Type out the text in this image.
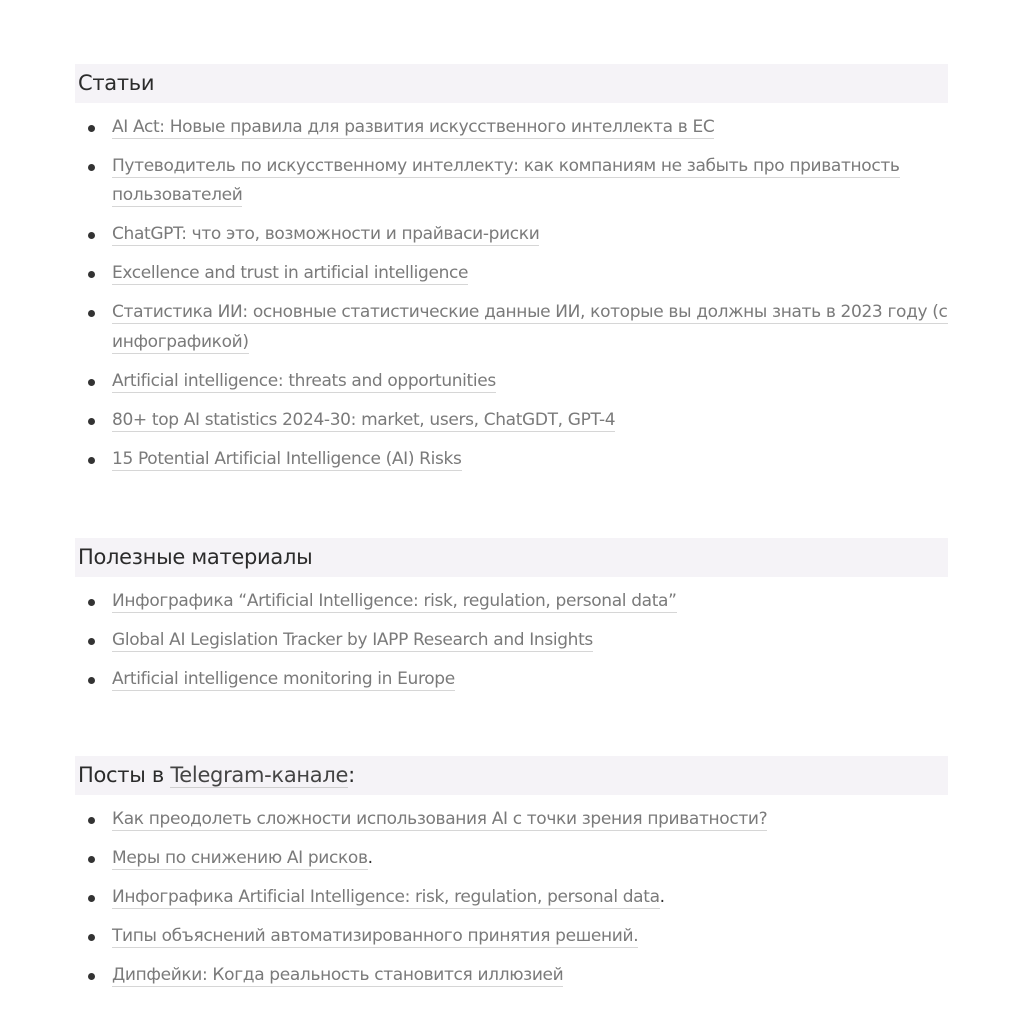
Статьи
AI Act: Новые правила для развития искусственного интеллекта в ЕС
Путеводитель по искусственному интеллекту: как компаниям не забыть про приватность пользователей
ChatGPT: что это, возможности и прайваси-риски
Excellence and trust in artificial intelligence
Статистика ИИ: основные статистические данные ИИ, которые вы должны знать в 2023 году (с инфографикой)
Artificial intelligence: threats and opportunities
80+ top AI statistics 2024-30: market, users, ChatGDT, GPT-4
15 Potential Artificial Intelligence (AI) Risks
Полезные материалы
Инфографика “Artificial Intelligence: risk, regulation, personal data”
Global AI Legislation Tracker by IAPP Research and Insights
Artificial intelligence monitoring in Europe
Посты в Telegram-канале:
Как преодолеть сложности использования AI с точки зрения приватности?
Меры по снижению AI рисков.
Инфографика Artificial Intelligence: risk, regulation, personal data.
Типы объяснений автоматизированного принятия решений.
Дипфейки: Когда реальность становится иллюзией
